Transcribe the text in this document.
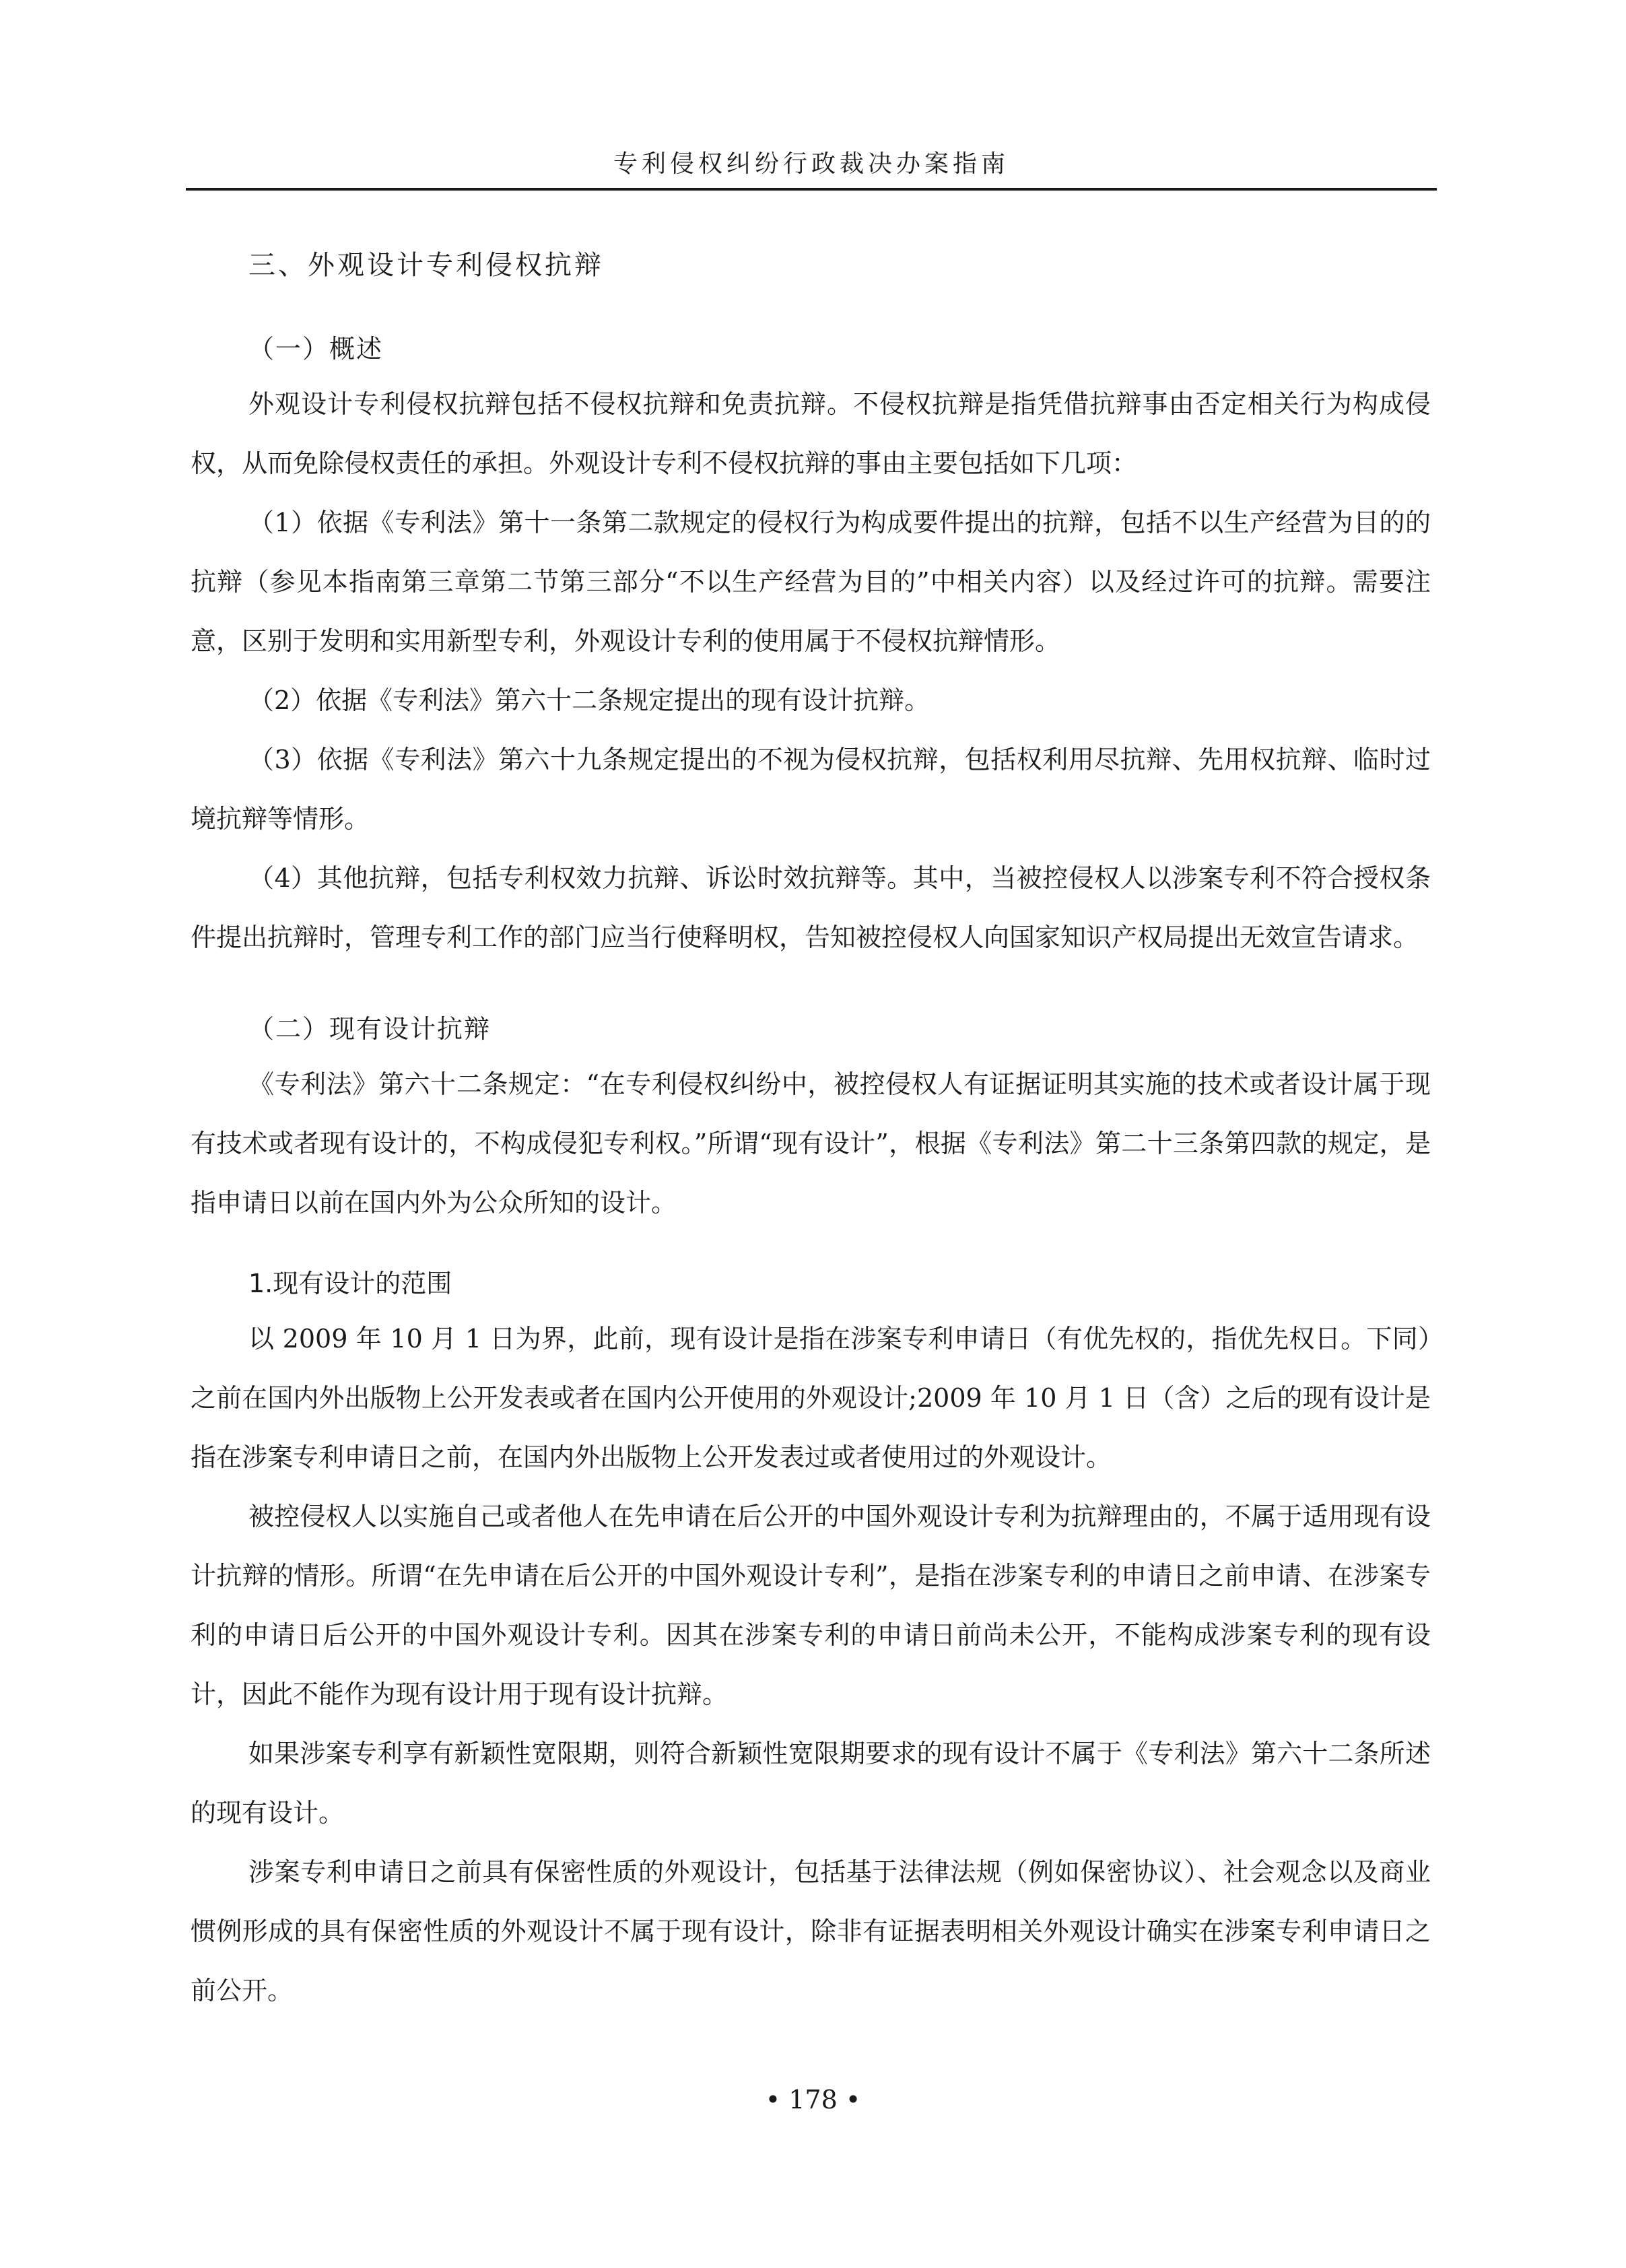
专利侵权纠纷行政裁决办案指南
三、外观设计专利侵权抗辩
（一）概述

外观设计专利侵权抗辩包括不侵权抗辩和免责抗辩。不侵权抗辩是指凭借抗辩事由否定相关行为构成侵权，从而免除侵权责任的承担。外观设计专利不侵权抗辩的事由主要包括如下几项：

（1）依据《专利法》第十一条第二款规定的侵权行为构成要件提出的抗辩，包括不以生产经营为目的的抗辩（参见本指南第三章第二节第三部分“不以生产经营为目的”中相关内容）以及经过许可的抗辩。需要注意，区别于发明和实用新型专利，外观设计专利的使用属于不侵权抗辩情形。

（2）依据《专利法》第六十二条规定提出的现有设计抗辩。

（3）依据《专利法》第六十九条规定提出的不视为侵权抗辩，包括权利用尽抗辩、先用权抗辩、临时过境抗辩等情形。

（4）其他抗辩，包括专利权效力抗辩、诉讼时效抗辩等。其中，当被控侵权人以涉案专利不符合授权条件提出抗辩时，管理专利工作的部门应当行使释明权，告知被控侵权人向国家知识产权局提出无效宣告请求。

（二）现有设计抗辩

《专利法》第六十二条规定：“在专利侵权纠纷中，被控侵权人有证据证明其实施的技术或者设计属于现有技术或者现有设计的，不构成侵犯专利权。”所谓“现有设计”，根据《专利法》第二十三条第四款的规定，是指申请日以前在国内外为公众所知的设计。

1.现有设计的范围

以 2009 年 10 月 1 日为界，此前，现有设计是指在涉案专利申请日（有优先权的，指优先权日。下同）之前在国内外出版物上公开发表或者在国内公开使用的外观设计;2009 年 10 月 1 日（含）之后的现有设计是指在涉案专利申请日之前，在国内外出版物上公开发表过或者使用过的外观设计。

被控侵权人以实施自己或者他人在先申请在后公开的中国外观设计专利为抗辩理由的，不属于适用现有设计抗辩的情形。所谓“在先申请在后公开的中国外观设计专利”，是指在涉案专利的申请日之前申请、在涉案专利的申请日后公开的中国外观设计专利。因其在涉案专利的申请日前尚未公开，不能构成涉案专利的现有设计，因此不能作为现有设计用于现有设计抗辩。

如果涉案专利享有新颖性宽限期，则符合新颖性宽限期要求的现有设计不属于《专利法》第六十二条所述的现有设计。

涉案专利申请日之前具有保密性质的外观设计，包括基于法律法规（例如保密协议）、社会观念以及商业惯例形成的具有保密性质的外观设计不属于现有设计，除非有证据表明相关外观设计确实在涉案专利申请日之前公开。

• 178 •
